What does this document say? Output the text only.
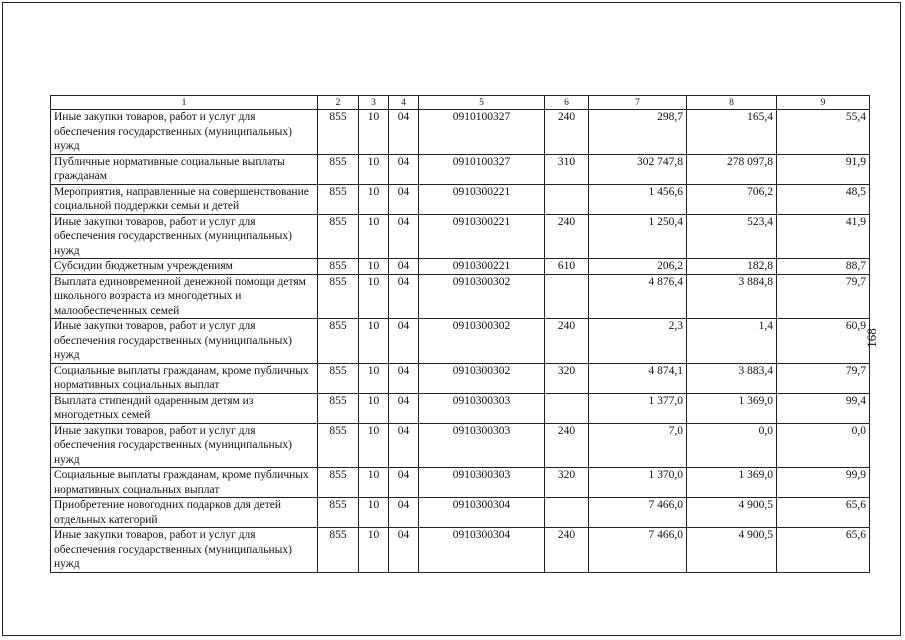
1	2	3	4	5	6	7	8	9
Иные закупки товаров, работ и услуг для обеспечения государственных (муниципальных) нужд	855	10	04	0910100327	240	298,7	165,4	55,4
Публичные нормативные социальные выплаты гражданам	855	10	04	0910100327	310	302 747,8	278 097,8	91,9
Мероприятия, направленные на совершенствование социальной поддержки семьи и детей	855	10	04	0910300221		1 456,6	706,2	48,5
Иные закупки товаров, работ и услуг для обеспечения государственных (муниципальных) нужд	855	10	04	0910300221	240	1 250,4	523,4	41,9
Субсидии бюджетным учреждениям	855	10	04	0910300221	610	206,2	182,8	88,7
Выплата единовременной денежной помощи детям школьного возраста из многодетных и малообеспеченных семей	855	10	04	0910300302		4 876,4	3 884,8	79,7
Иные закупки товаров, работ и услуг для обеспечения государственных (муниципальных) нужд	855	10	04	0910300302	240	2,3	1,4	60,9
Социальные выплаты гражданам, кроме публичных нормативных социальных выплат	855	10	04	0910300302	320	4 874,1	3 883,4	79,7
Выплата стипендий одаренным детям из многодетных семей	855	10	04	0910300303		1 377,0	1 369,0	99,4
Иные закупки товаров, работ и услуг для обеспечения государственных (муниципальных) нужд	855	10	04	0910300303	240	7,0	0,0	0,0
Социальные выплаты гражданам, кроме публичных нормативных социальных выплат	855	10	04	0910300303	320	1 370,0	1 369,0	99,9
Приобретение новогодних подарков для детей отдельных категорий	855	10	04	0910300304		7 466,0	4 900,5	65,6
Иные закупки товаров, работ и услуг для обеспечения государственных (муниципальных) нужд	855	10	04	0910300304	240	7 466,0	4 900,5	65,6
168
